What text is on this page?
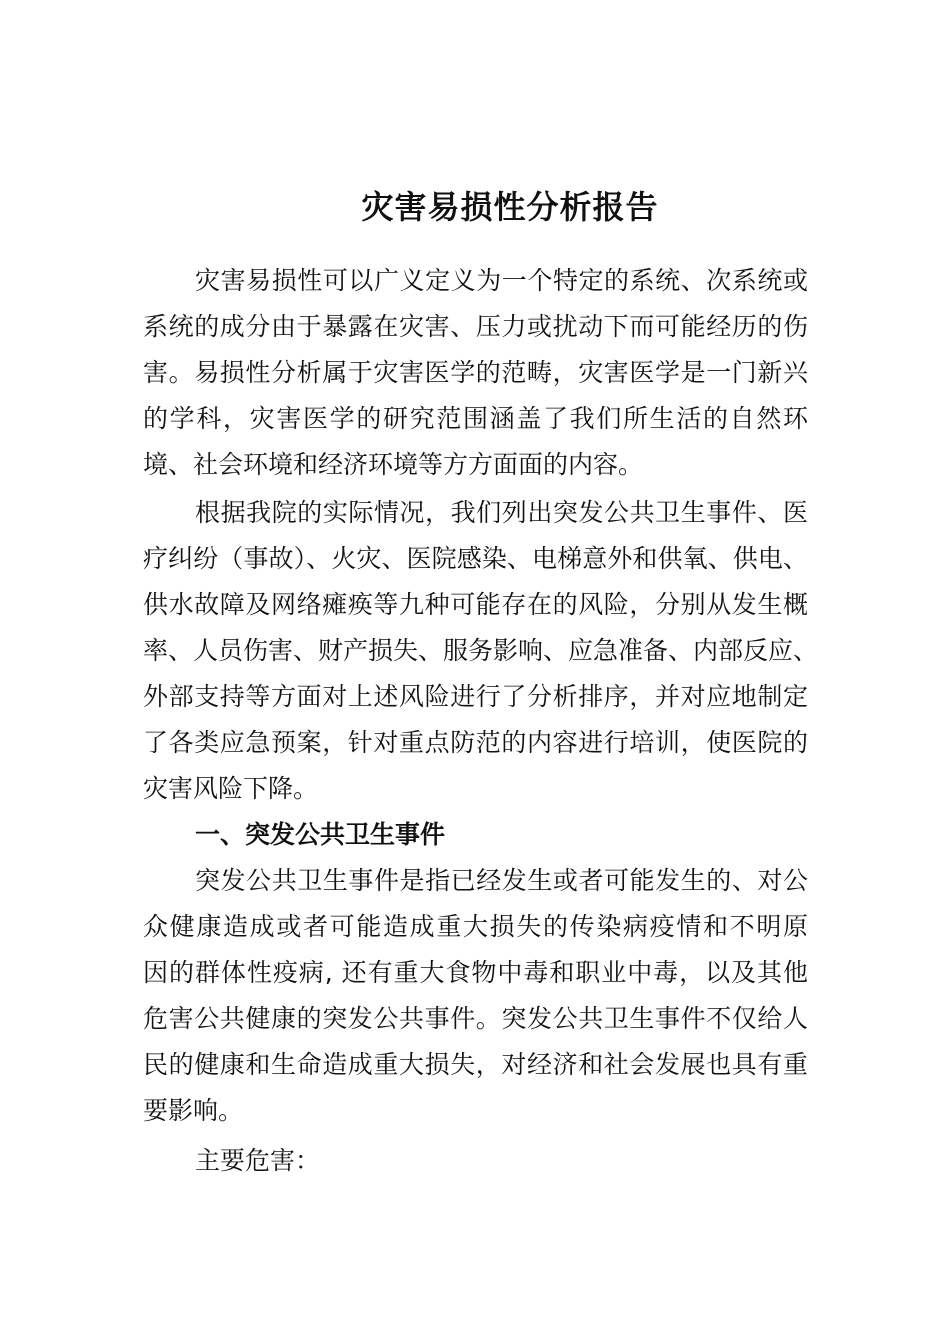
灾害易损性分析报告
灾害易损性可以广义定义为一个特定的系统、次系统或
系统的成分由于暴露在灾害、压力或扰动下而可能经历的伤
害。易损性分析属于灾害医学的范畴，灾害医学是一门新兴
的学科，灾害医学的研究范围涵盖了我们所生活的自然环
境、社会环境和经济环境等方方面面的内容。
根据我院的实际情况，我们列出突发公共卫生事件、医
疗纠纷（事故）、火灾、医院感染、电梯意外和供氧、供电、
供水故障及网络瘫痪等九种可能存在的风险，分别从发生概
率、人员伤害、财产损失、服务影响、应急准备、内部反应、
外部支持等方面对上述风险进行了分析排序，并对应地制定
了各类应急预案，针对重点防范的内容进行培训，使医院的
灾害风险下降。
一、突发公共卫生事件
突发公共卫生事件是指已经发生或者可能发生的、对公
众健康造成或者可能造成重大损失的传染病疫情和不明原
因的群体性疫病, 还有重大食物中毒和职业中毒，以及其他
危害公共健康的突发公共事件。突发公共卫生事件不仅给人
民的健康和生命造成重大损失，对经济和社会发展也具有重
要影响。
主要危害：
